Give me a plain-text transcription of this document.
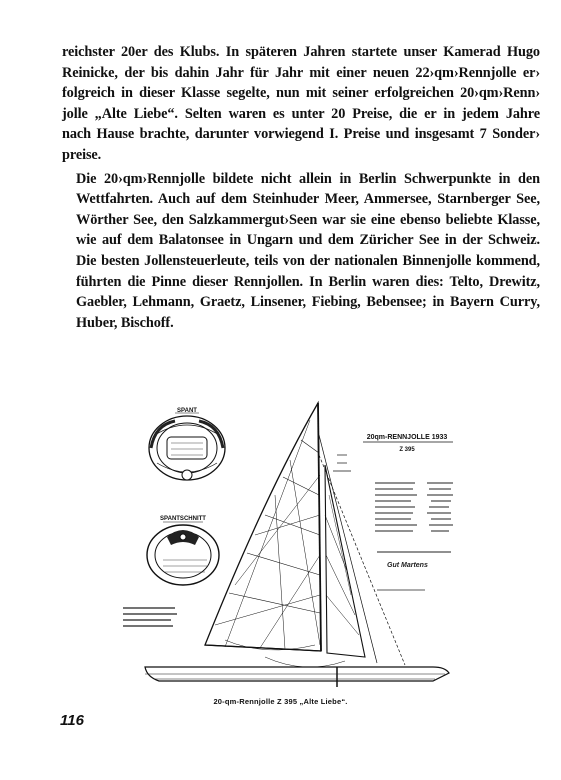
reichster 20er des Klubs. In späteren Jahren startete unser Kamerad Hugo
Reinicke, der bis dahin Jahr für Jahr mit einer neuen 22›qm›Rennjolle er›
folgreich in dieser Klasse segelte, nun mit seiner erfolgreichen 20›qm›Renn›
jolle „Alte Liebe“. Selten waren es unter 20 Preise, die er in jedem Jahre
nach Hause brachte, darunter vorwiegend I. Preise und insgesamt 7 Sonder›
preise.

Die 20›qm›Rennjolle bildete nicht allein in Berlin Schwerpunkte in den
Wettfahrten. Auch auf dem Steinhuder Meer, Ammersee, Starnberger See,
Wörther See, den Salzkammergut›Seen war sie eine ebenso beliebte Klasse,
wie auf dem Balatonsee in Ungarn und dem Züricher See in der Schweiz.
Die besten Jollensteuerleute, teils von der nationalen Binnenjolle kommend,
führten die Pinne dieser Rennjollen. In Berlin waren dies: Telto, Drewitz,
Gaebler, Lehmann, Graetz, Linsener, Fiebing, Bebensee; in Bayern Curry,
Huber, Bischoff.

SPANT
SPANTSCHNITT
20qm-RENNJOLLE 1933
Z 395
Gut Martens
20-qm-Rennjolle Z 395 „Alte Liebe“.
116
